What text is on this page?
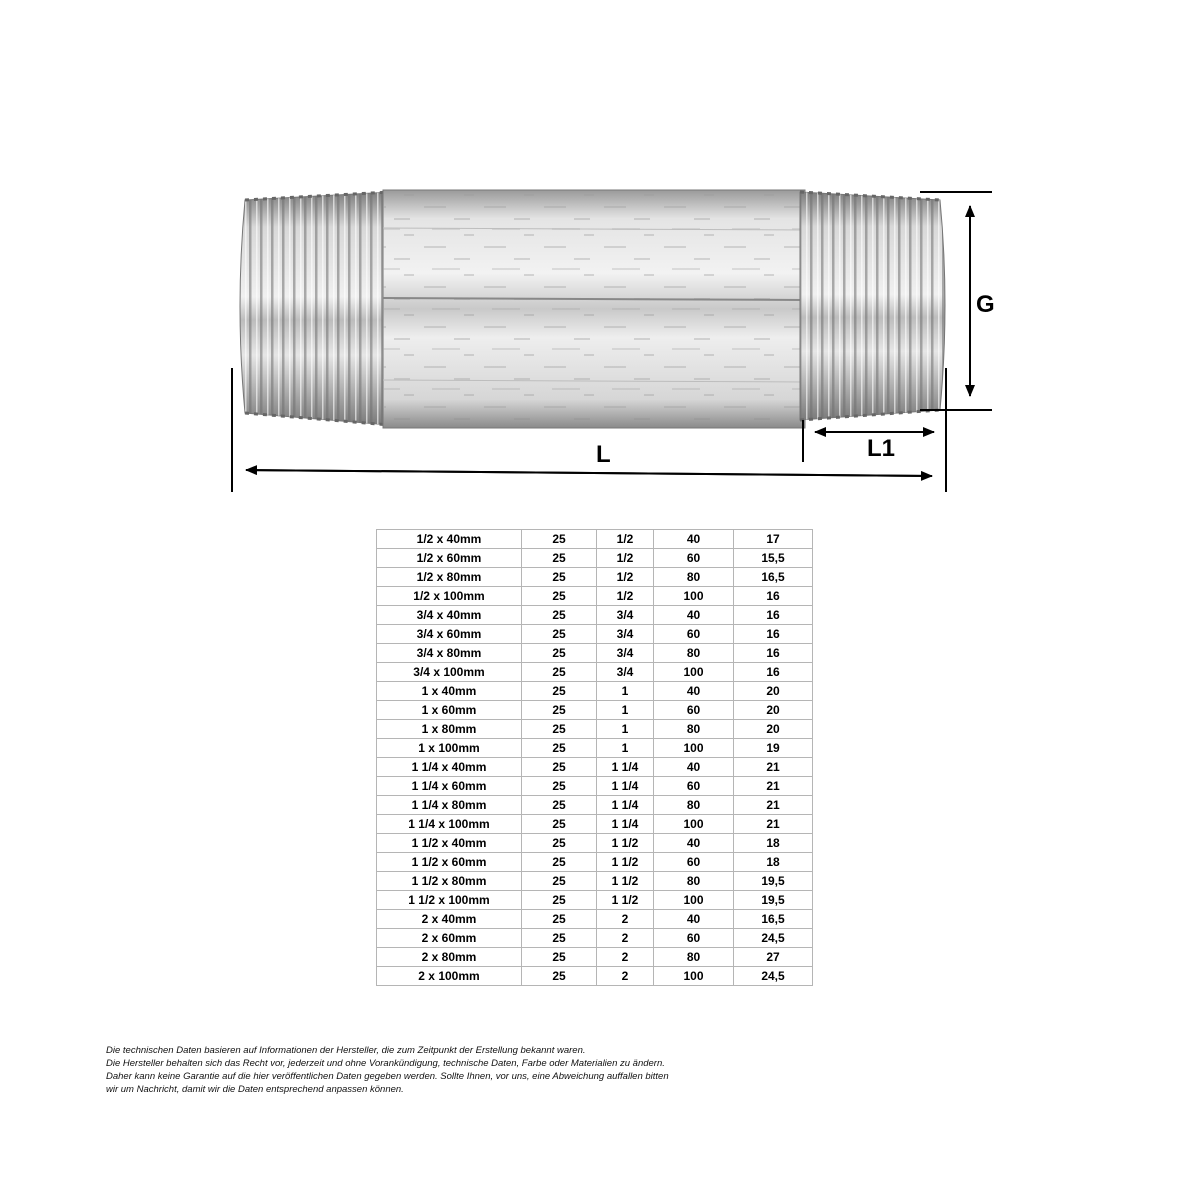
L	L1
G
1/2 x 40mm	25	1/2	40	17
1/2 x 60mm	25	1/2	60	15,5
1/2 x 80mm	25	1/2	80	16,5
1/2 x 100mm	25	1/2	100	16
3/4 x 40mm	25	3/4	40	16
3/4 x 60mm	25	3/4	60	16
3/4 x 80mm	25	3/4	80	16
3/4 x 100mm	25	3/4	100	16
1 x 40mm	25	1	40	20
1 x 60mm	25	1	60	20
1 x 80mm	25	1	80	20
1 x 100mm	25	1	100	19
1 1/4 x 40mm	25	1 1/4	40	21
1 1/4 x 60mm	25	1 1/4	60	21
1 1/4 x 80mm	25	1 1/4	80	21
1 1/4 x 100mm	25	1 1/4	100	21
1 1/2 x 40mm	25	1 1/2	40	18
1 1/2 x 60mm	25	1 1/2	60	18
1 1/2 x 80mm	25	1 1/2	80	19,5
1 1/2 x 100mm	25	1 1/2	100	19,5
2 x 40mm	25	2	40	16,5
2 x 60mm	25	2	60	24,5
2 x 80mm	25	2	80	27
2 x 100mm	25	2	100	24,5
Die technischen Daten basieren auf Informationen der Hersteller, die zum Zeitpunkt der Erstellung bekannt waren.
Die Hersteller behalten sich das Recht vor, jederzeit und ohne Vorankündigung, technische Daten, Farbe oder Materialien zu ändern.
Daher kann keine Garantie auf die hier veröffentlichen Daten gegeben werden. Sollte Ihnen, vor uns, eine Abweichung auffallen bitten
wir um Nachricht, damit wir die Daten entsprechend anpassen können.
